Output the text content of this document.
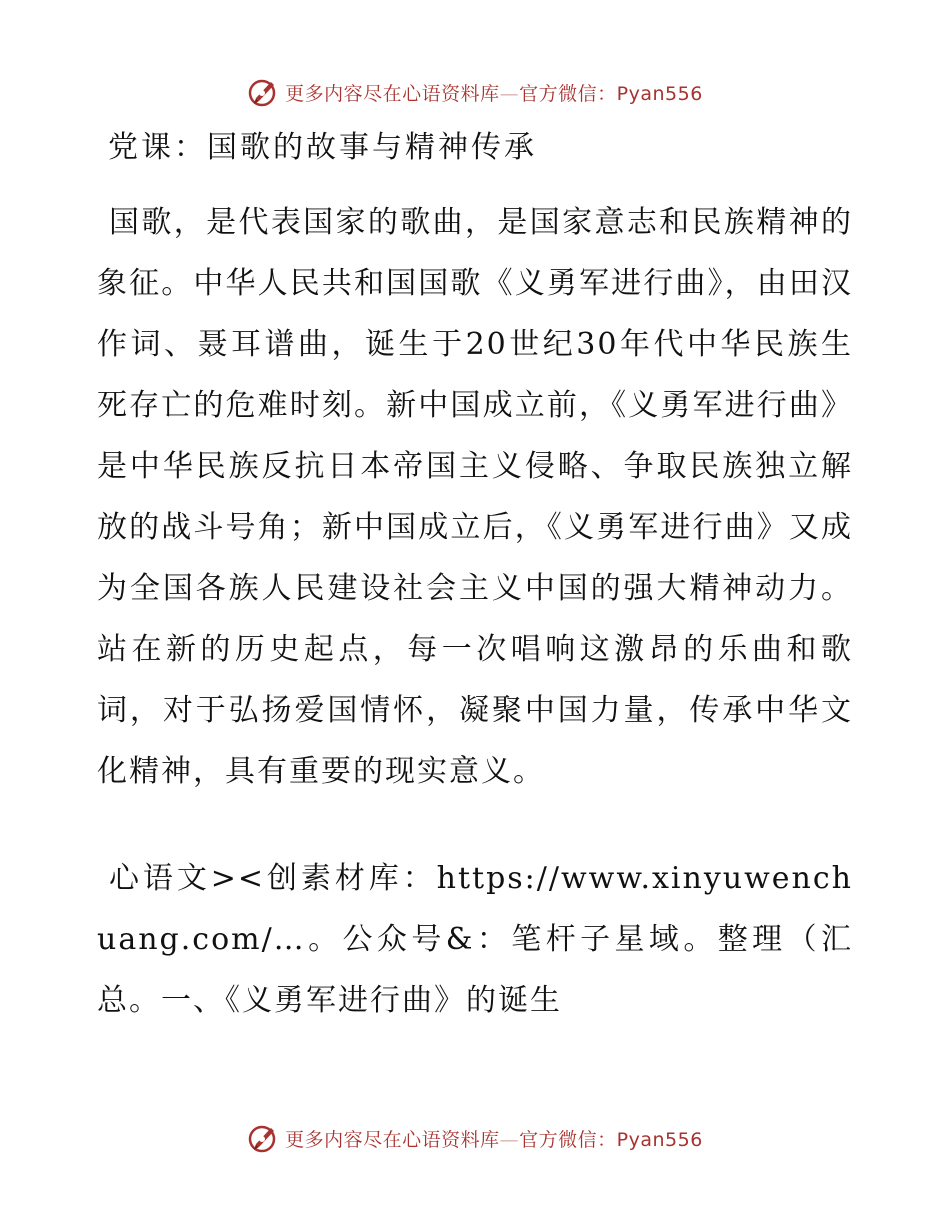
更多内容尽在心语资料库—官方微信：Pyan556
党课：国歌的故事与精神传承

国歌，是代表国家的歌曲，是国家意志和民族精神的象征。中华人民共和国国歌《义勇军进行曲》，由田汉作词、聂耳谱曲，诞生于20世纪30年代中华民族生死存亡的危难时刻。新中国成立前，《义勇军进行曲》是中华民族反抗日本帝国主义侵略、争取民族独立解放的战斗号角；新中国成立后，《义勇军进行曲》又成为全国各族人民建设社会主义中国的强大精神动力。站在新的历史起点，每一次唱响这激昂的乐曲和歌词，对于弘扬爱国情怀，凝聚中国力量，传承中华文化精神，具有重要的现实意义。

心语文><创素材库：https://www.xinyuwenchuang.com/…。公众号&：笔杆子星域。整理（汇总。一、《义勇军进行曲》的诞生

更多内容尽在心语资料库—官方微信：Pyan556
